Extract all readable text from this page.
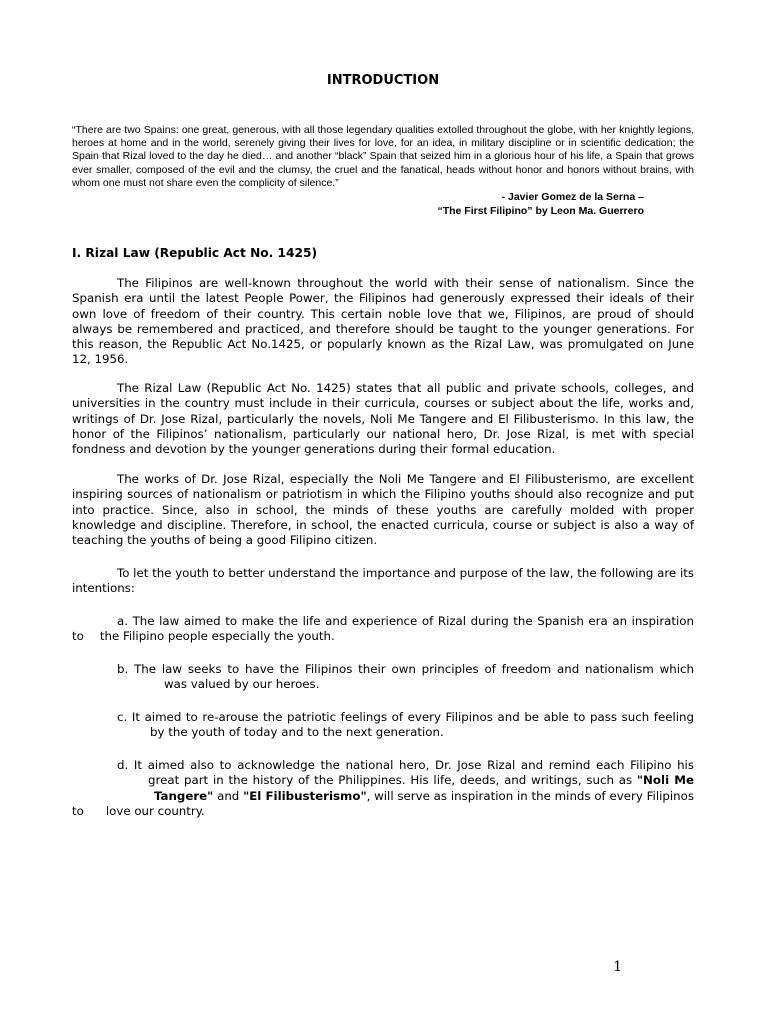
INTRODUCTION

“There are two Spains: one great, generous, with all those legendary qualities extolled throughout the globe, with her knightly legions, heroes at home and in the world, serenely giving their lives for love, for an idea, in military discipline or in scientific dedication; the Spain that Rizal loved to the day he died… and another “black” Spain that seized him in a glorious hour of his life, a Spain that grows ever smaller, composed of the evil and the clumsy, the cruel and the fanatical, heads without honor and honors without brains, with whom one must not share even the complicity of silence.”

- Javier Gomez de la Serna –
“The First Filipino” by Leon Ma. Guerrero
I. Rizal Law (Republic Act No. 1425)

The Filipinos are well-known throughout the world with their sense of nationalism. Since the Spanish era until the latest People Power, the Filipinos had generously expressed their ideals of their own love of freedom of their country. This certain noble love that we, Filipinos, are proud of should always be remembered and practiced, and therefore should be taught to the younger generations. For this reason, the Republic Act No.1425, or popularly known as the Rizal Law, was promulgated on June 12, 1956.

The Rizal Law (Republic Act No. 1425) states that all public and private schools, colleges, and universities in the country must include in their curricula, courses or subject about the life, works and, writings of Dr. Jose Rizal, particularly the novels, Noli Me Tangere and El Filibusterismo. In this law, the honor of the Filipinos’ nationalism, particularly our national hero, Dr. Jose Rizal, is met with special fondness and devotion by the younger generations during their formal education.

The works of Dr. Jose Rizal, especially the Noli Me Tangere and El Filibusterismo, are excellent inspiring sources of nationalism or patriotism in which the Filipino youths should also recognize and put into practice. Since, also in school, the minds of these youths are carefully molded with proper knowledge and discipline. Therefore, in school, the enacted curricula, course or subject is also a way of teaching the youths of being a good Filipino citizen.

To let the youth to better understand the importance and purpose of the law, the following are its intentions:

a. The law aimed to make the life and experience of Rizal during the Spanish era an inspiration to the Filipino people especially the youth.

b. The law seeks to have the Filipinos their own principles of freedom and nationalism whichwas valued by our heroes.

c. It aimed to re-arouse the patriotic feelings of every Filipinos and be able to pass such feelingby the youth of today and to the next generation.

d. It aimed also to acknowledge the national hero, Dr. Jose Rizal and remind each Filipino hisgreat part in the history of the Philippines. His life, deeds, and writings, such as "Noli MeTangere" and "El Filibusterismo", will serve as inspiration in the minds of every Filipinos to love our country.

1
